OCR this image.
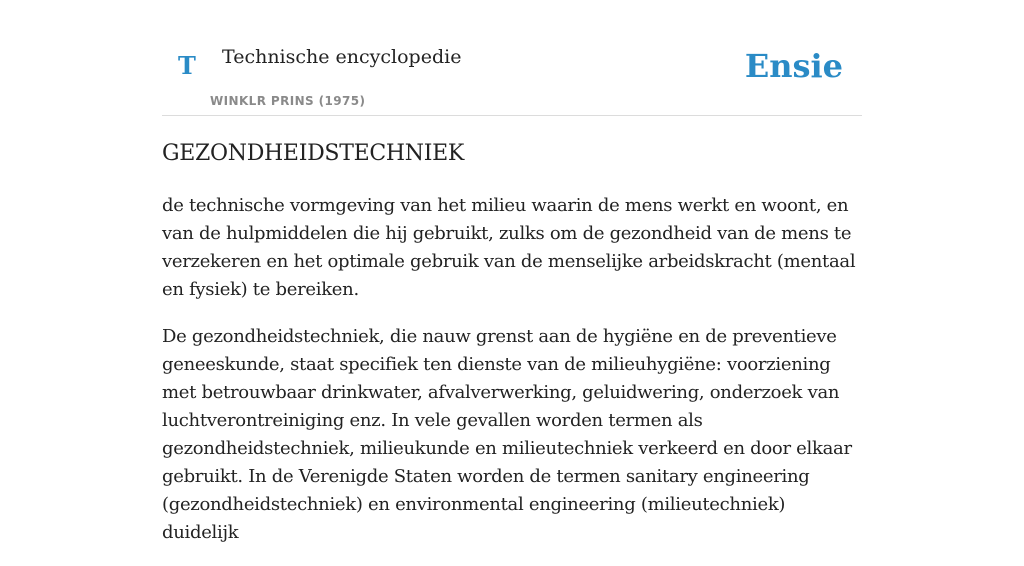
T Technische encyclopedie
WINKLR PRINS (1975)
Ensie
GEZONDHEIDSTECHNIEK

de technische vormgeving van het milieu waarin de mens werkt en woont, en van de hulpmiddelen die hij gebruikt, zulks om de gezondheid van de mens te verzekeren en het optimale gebruik van de menselijke arbeidskracht (mentaal en fysiek) te bereiken.

De gezondheidstechniek, die nauw grenst aan de hygiëne en de preventieve geneeskunde, staat specifiek ten dienste van de milieuhygiëne: voorziening met betrouwbaar drinkwater, afvalverwerking, geluidwering, onderzoek van luchtverontreiniging enz. In vele gevallen worden termen als gezondheidstechniek, milieukunde en milieutechniek verkeerd en door elkaar gebruikt. In de Verenigde Staten worden de termen sanitary engineering (gezondheidstechniek) en environmental engineering (milieutechniek) duidelijk
